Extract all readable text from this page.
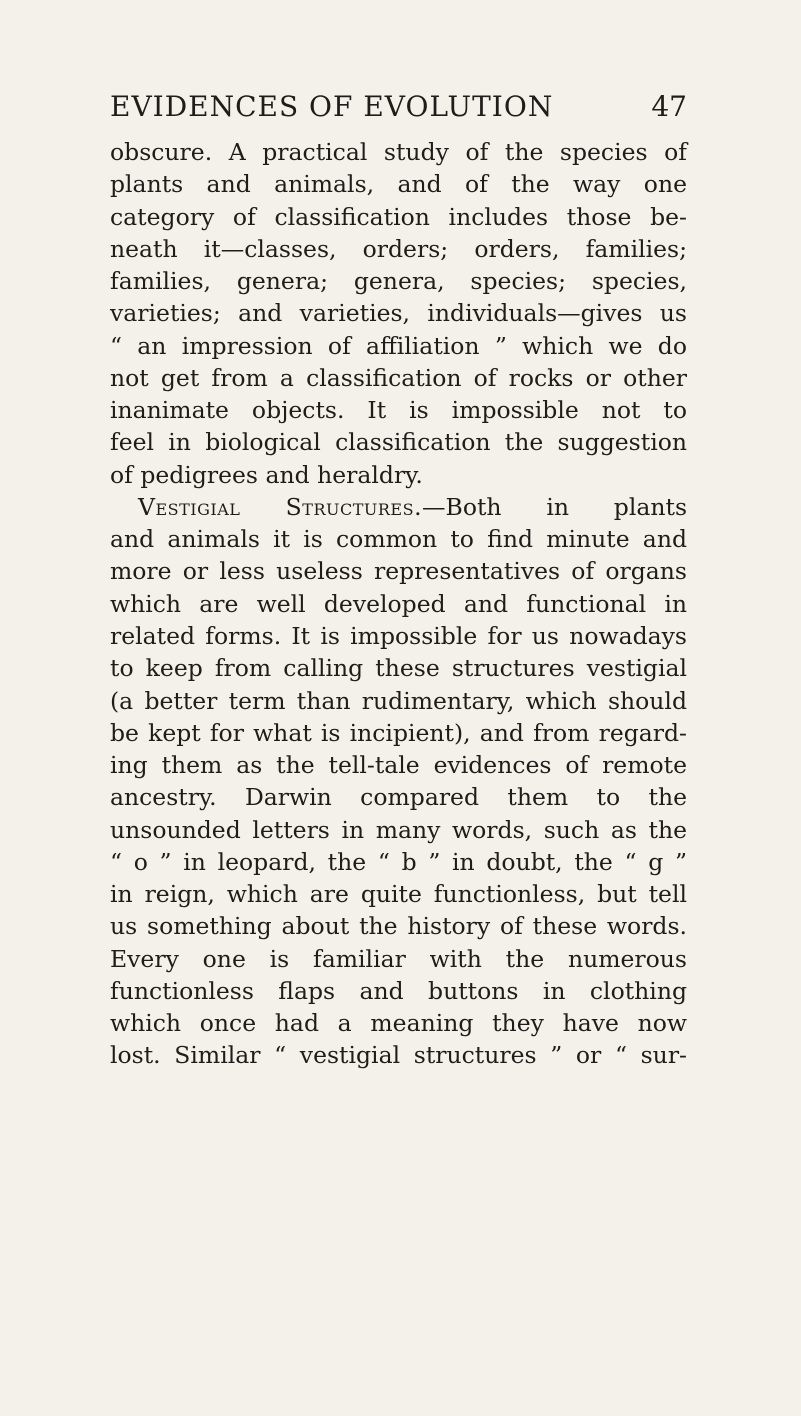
EVIDENCES OF EVOLUTION	47
obscure. A practical study of the species of
plants and animals, and of the way one
category of classification includes those be-
neath it—classes, orders; orders, families;
families, genera; genera, species; species,
varieties; and varieties, individuals—gives us
“ an impression of affiliation ” which we do
not get from a classification of rocks or other
inanimate objects. It is impossible not to
feel in biological classification the suggestion
of pedigrees and heraldry.
Vestigial Structures.—Both in plants
and animals it is common to find minute and
more or less useless representatives of organs
which are well developed and functional in
related forms. It is impossible for us nowadays
to keep from calling these structures vestigial
(a better term than rudimentary, which should
be kept for what is incipient), and from regard-
ing them as the tell-tale evidences of remote
ancestry. Darwin compared them to the
unsounded letters in many words, such as the
“ o ” in leopard, the “ b ” in doubt, the “ g ”
in reign, which are quite functionless, but tell
us something about the history of these words.
Every one is familiar with the numerous
functionless flaps and buttons in clothing
which once had a meaning they have now
lost. Similar “ vestigial structures ” or “ sur-
